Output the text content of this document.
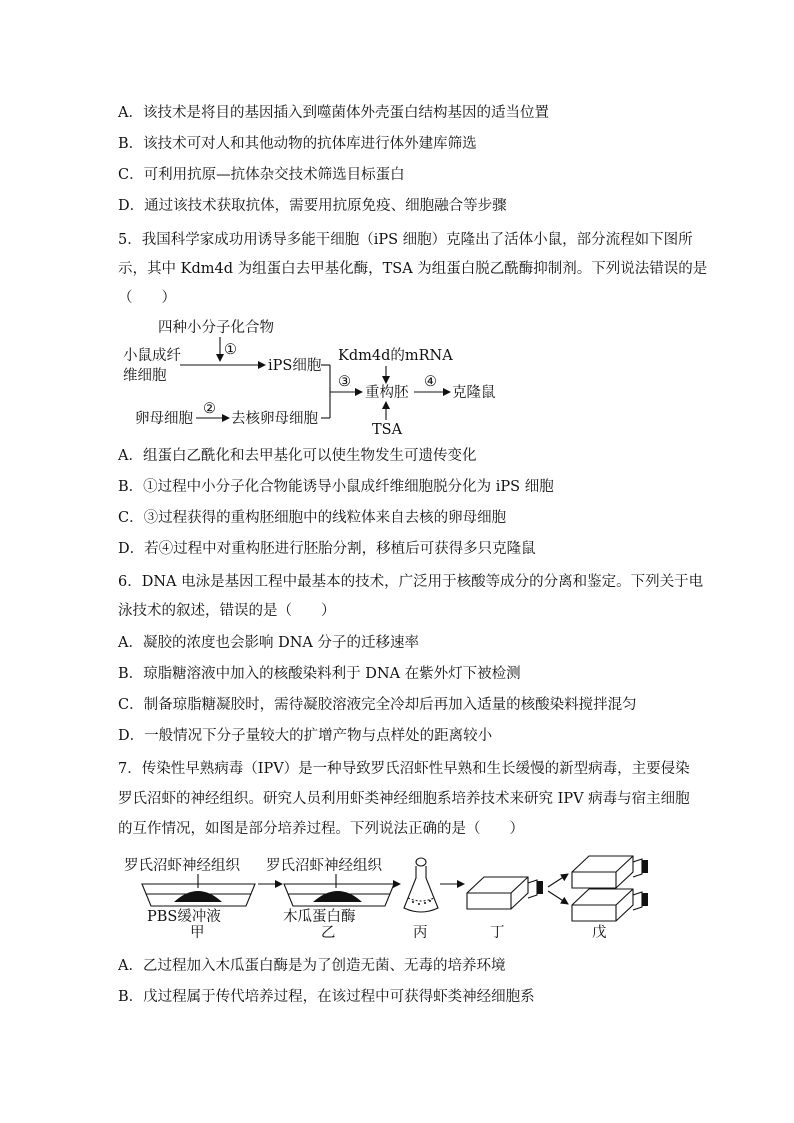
A．该技术是将目的基因插入到噬菌体外壳蛋白结构基因的适当位置
B．该技术可对人和其他动物的抗体库进行体外建库筛选
C．可利用抗原—抗体杂交技术筛选目标蛋白
D．通过该技术获取抗体，需要用抗原免疫、细胞融合等步骤
5．我国科学家成功用诱导多能干细胞（iPS 细胞）克隆出了活体小鼠，部分流程如下图所
示，其中 Kdm4d 为组蛋白去甲基化酶，TSA 为组蛋白脱乙酰酶抑制剂。下列说法错误的是
（　　）
四种小分子化合物
①
小鼠成纤
维细胞
iPS细胞
Kdm4d的mRNA
③
重构胚
TSA
④
克隆鼠
卵母细胞
②
去核卵母细胞
A．组蛋白乙酰化和去甲基化可以使生物发生可遗传变化
B．①过程中小分子化合物能诱导小鼠成纤维细胞脱分化为 iPS 细胞
C．③过程获得的重构胚细胞中的线粒体来自去核的卵母细胞
D．若④过程中对重构胚进行胚胎分割，移植后可获得多只克隆鼠
6．DNA 电泳是基因工程中最基本的技术，广泛用于核酸等成分的分离和鉴定。下列关于电
泳技术的叙述，错误的是（　　）
A．凝胶的浓度也会影响 DNA 分子的迁移速率
B．琼脂糖溶液中加入的核酸染料利于 DNA 在紫外灯下被检测
C．制备琼脂糖凝胶时，需待凝胶溶液完全冷却后再加入适量的核酸染料搅拌混匀
D．一般情况下分子量较大的扩增产物与点样处的距离较小
7．传染性早熟病毒（IPV）是一种导致罗氏沼虾性早熟和生长缓慢的新型病毒，主要侵染
罗氏沼虾的神经组织。研究人员利用虾类神经细胞系培养技术来研究 IPV 病毒与宿主细胞
的互作情况，如图是部分培养过程。下列说法正确的是（　　）
罗氏沼虾神经组织
PBS缓冲液
甲
罗氏沼虾神经组织
木瓜蛋白酶
乙	丙	丁	戊
A．乙过程加入木瓜蛋白酶是为了创造无菌、无毒的培养环境
B．戊过程属于传代培养过程，在该过程中可获得虾类神经细胞系
